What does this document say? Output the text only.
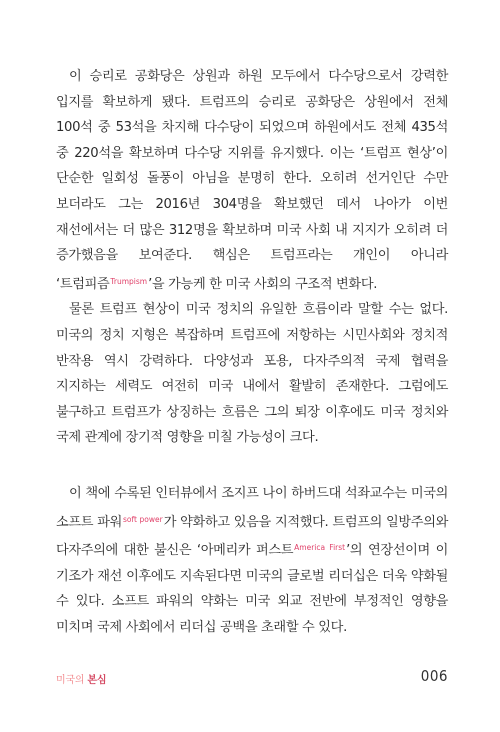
이 승리로 공화당은 상원과 하원 모두에서 다수당으로서 강력한 입지를 확보하게 됐다. 트럼프의 승리로 공화당은 상원에서 전체 100석 중 53석을 차지해 다수당이 되었으며 하원에서도 전체 435석 중 220석을 확보하며 다수당 지위를 유지했다. 이는 ‘트럼프 현상’이 단순한 일회성 돌풍이 아님을 분명히 한다. 오히려 선거인단 수만 보더라도 그는 2016년 304명을 확보했던 데서 나아가 이번 재선에서는 더 많은 312명을 확보하며 미국 사회 내 지지가 오히려 더 증가했음을 보여준다. 핵심은 트럼프라는 개인이 아니라 ‘트럼피즘$^{Trumpism}$’을 가능케 한 미국 사회의 구조적 변화다.

물론 트럼프 현상이 미국 정치의 유일한 흐름이라 말할 수는 없다. 미국의 정치 지형은 복잡하며 트럼프에 저항하는 시민사회와 정치적 반작용 역시 강력하다. 다양성과 포용, 다자주의적 국제 협력을 지지하는 세력도 여전히 미국 내에서 활발히 존재한다. 그럼에도 불구하고 트럼프가 상징하는 흐름은 그의 퇴장 이후에도 미국 정치와 국제 관계에 장기적 영향을 미칠 가능성이 크다.

이 책에 수록된 인터뷰에서 조지프 나이 하버드대 석좌교수는 미국의 소프트 파워$^{soft power}$가 약화하고 있음을 지적했다. 트럼프의 일방주의와 다자주의에 대한 불신은 ‘아메리카 퍼스트$^{America First}$’의 연장선이며 이 기조가 재선 이후에도 지속된다면 미국의 글로벌 리더십은 더욱 약화될 수 있다. 소프트 파워의 약화는 미국 외교 전반에 부정적인 영향을 미치며 국제 사회에서 리더십 공백을 초래할 수 있다.

미국의 본심	006
